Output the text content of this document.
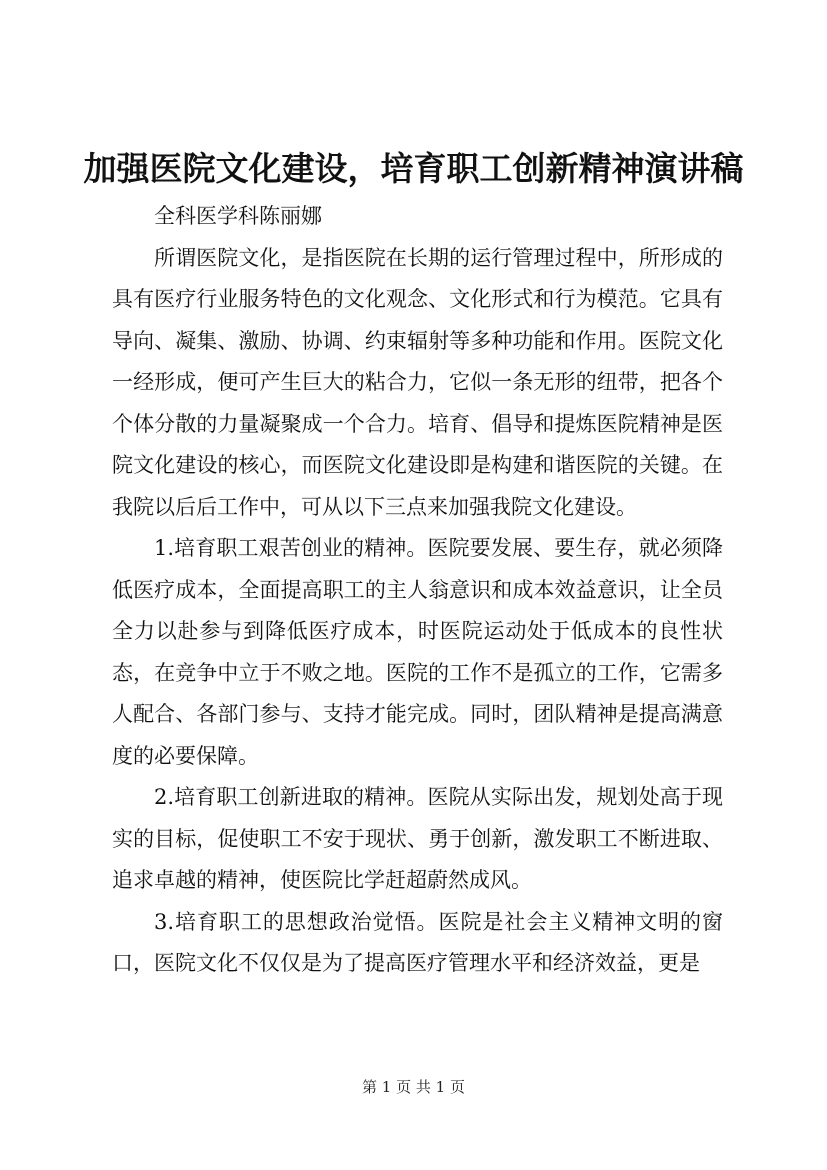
加强医院文化建设，培育职工创新精神演讲稿

全科医学科陈丽娜

所谓医院文化，是指医院在长期的运行管理过程中，所形成的具有医疗行业服务特色的文化观念、文化形式和行为模范。它具有导向、凝集、激励、协调、约束辐射等多种功能和作用。医院文化一经形成，便可产生巨大的粘合力，它似一条无形的纽带，把各个个体分散的力量凝聚成一个合力。培育、倡导和提炼医院精神是医院文化建设的核心，而医院文化建设即是构建和谐医院的关键。在我院以后后工作中，可从以下三点来加强我院文化建设。

1.培育职工艰苦创业的精神。医院要发展、要生存，就必须降低医疗成本，全面提高职工的主人翁意识和成本效益意识，让全员全力以赴参与到降低医疗成本，时医院运动处于低成本的良性状态，在竞争中立于不败之地。医院的工作不是孤立的工作，它需多人配合、各部门参与、支持才能完成。同时，团队精神是提高满意度的必要保障。

2.培育职工创新进取的精神。医院从实际出发，规划处高于现实的目标，促使职工不安于现状、勇于创新，激发职工不断进取、追求卓越的精神，使医院比学赶超蔚然成风。

3.培育职工的思想政治觉悟。医院是社会主义精神文明的窗口，医院文化不仅仅是为了提高医疗管理水平和经济效益，更是

第 1 页 共 1 页
